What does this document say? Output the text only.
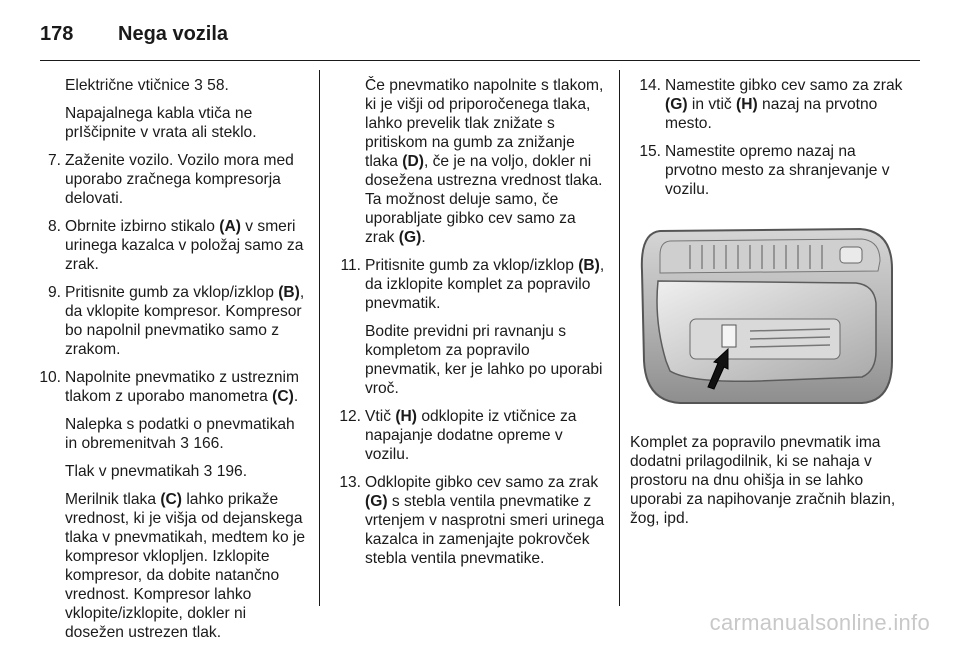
178	Nega vozila
Električne vtičnice 3 58.
Napajalnega kabla vtiča ne prIščipnite v vrata ali steklo.
7. Zaženite vozilo. Vozilo mora med uporabo zračnega kompresorja delovati.
8. Obrnite izbirno stikalo (A) v smeri urinega kazalca v položaj samo za zrak.
9. Pritisnite gumb za vklop/izklop (B), da vklopite kompresor. Kompresor bo napolnil pnevmatiko samo z zrakom.
10. Napolnite pnevmatiko z ustreznim tlakom z uporabo manometra (C).
Nalepka s podatki o pnevmatikah in obremenitvah 3 166.
Tlak v pnevmatikah 3 196.
Merilnik tlaka (C) lahko prikaže vrednost, ki je višja od dejanskega tlaka v pnevmatikah, medtem ko je kompresor vklopljen. Izklopite kompresor, da dobite natančno vrednost. Kompresor lahko vklopite/izklopite, dokler ni dosežen ustrezen tlak.
Če pnevmatiko napolnite s tlakom, ki je višji od priporočenega tlaka, lahko prevelik tlak znižate s pritiskom na gumb za znižanje tlaka (D), če je na voljo, dokler ni dosežena ustrezna vrednost tlaka. Ta možnost deluje samo, če uporabljate gibko cev samo za zrak (G).
11. Pritisnite gumb za vklop/izklop (B), da izklopite komplet za popravilo pnevmatik.
Bodite previdni pri ravnanju s kompletom za popravilo pnevmatik, ker je lahko po uporabi vroč.
12. Vtič (H) odklopite iz vtičnice za napajanje dodatne opreme v vozilu.
13. Odklopite gibko cev samo za zrak (G) s stebla ventila pnevmatike z vrtenjem v nasprotni smeri urinega kazalca in zamenjajte pokrovček stebla ventila pnevmatike.
14. Namestite gibko cev samo za zrak (G) in vtič (H) nazaj na prvotno mesto.
15. Namestite opremo nazaj na prvotno mesto za shranjevanje v vozilu.
Komplet za popravilo pnevmatik ima dodatni prilagodilnik, ki se nahaja v prostoru na dnu ohišja in se lahko uporabi za napihovanje zračnih blazin, žog, ipd.
carmanualsonline.info
